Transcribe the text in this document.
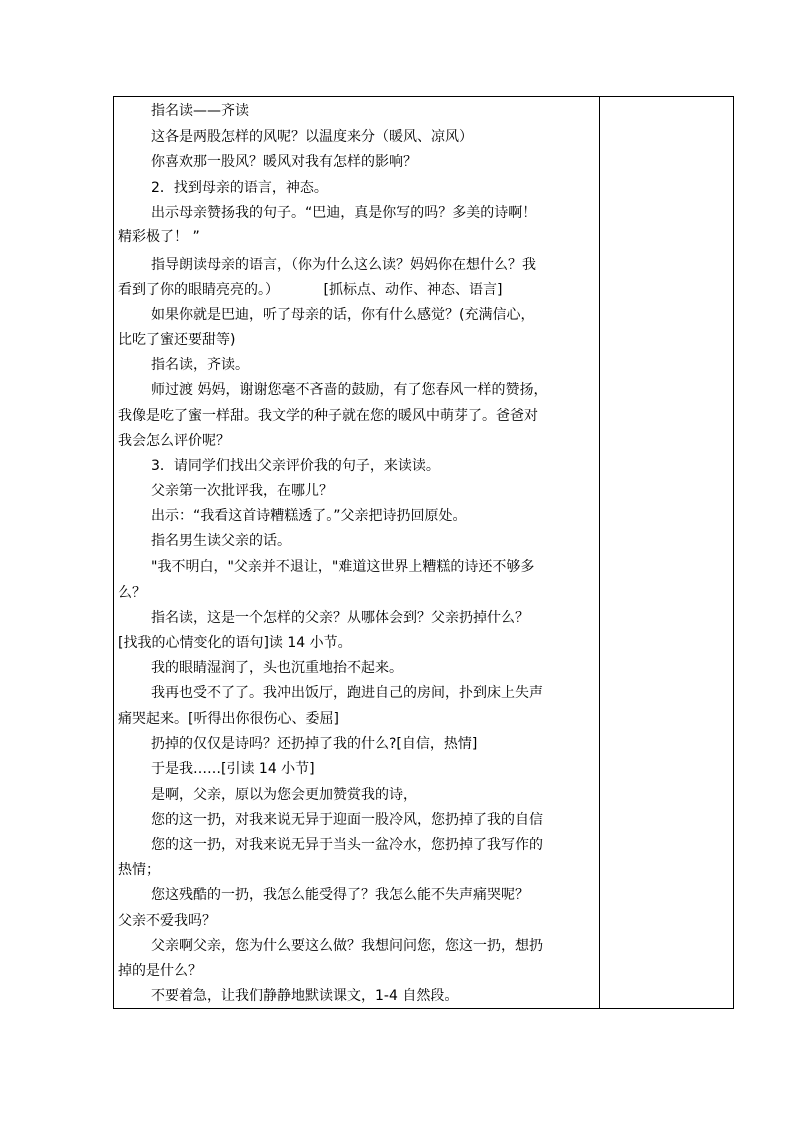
指名读——齐读
这各是两股怎样的风呢？以温度来分（暖风、凉风）
你喜欢那一股风？暖风对我有怎样的影响？
2．找到母亲的语言，神态。
出示母亲赞扬我的句子。“巴迪，真是你写的吗？多美的诗啊！
精彩极了！ ”
指导朗读母亲的语言，（你为什么这么读？妈妈你在想什么？我
看到了你的眼睛亮亮的。）          [抓标点、动作、神态、语言]
如果你就是巴迪，听了母亲的话，你有什么感觉？(充满信心，
比吃了蜜还要甜等)
指名读，齐读。
师过渡 妈妈，谢谢您毫不吝啬的鼓励，有了您春风一样的赞扬，
我像是吃了蜜一样甜。我文学的种子就在您的暖风中萌芽了。爸爸对
我会怎么评价呢？
3．请同学们找出父亲评价我的句子，来读读。
父亲第一次批评我，在哪儿？
出示：“我看这首诗糟糕透了。”父亲把诗扔回原处。
指名男生读父亲的话。
"我不明白，"父亲并不退让，"难道这世界上糟糕的诗还不够多
么？
指名读，这是一个怎样的父亲？从哪体会到？父亲扔掉什么？
[找我的心情变化的语句]读 14 小节。
我的眼睛湿润了，头也沉重地抬不起来。
我再也受不了了。我冲出饭厅，跑进自己的房间，扑到床上失声
痛哭起来。[听得出你很伤心、委屈]
扔掉的仅仅是诗吗？还扔掉了我的什么?[自信，热情]
于是我……[引读 14 小节]
是啊，父亲，原以为您会更加赞赏我的诗，
您的这一扔，对我来说无异于迎面一股冷风，您扔掉了我的自信
您的这一扔，对我来说无异于当头一盆冷水，您扔掉了我写作的
热情；
您这残酷的一扔，我怎么能受得了？我怎么能不失声痛哭呢？
父亲不爱我吗？
父亲啊父亲，您为什么要这么做？我想问问您，您这一扔，想扔
掉的是什么？
不要着急，让我们静静地默读课文，1-4 自然段。
